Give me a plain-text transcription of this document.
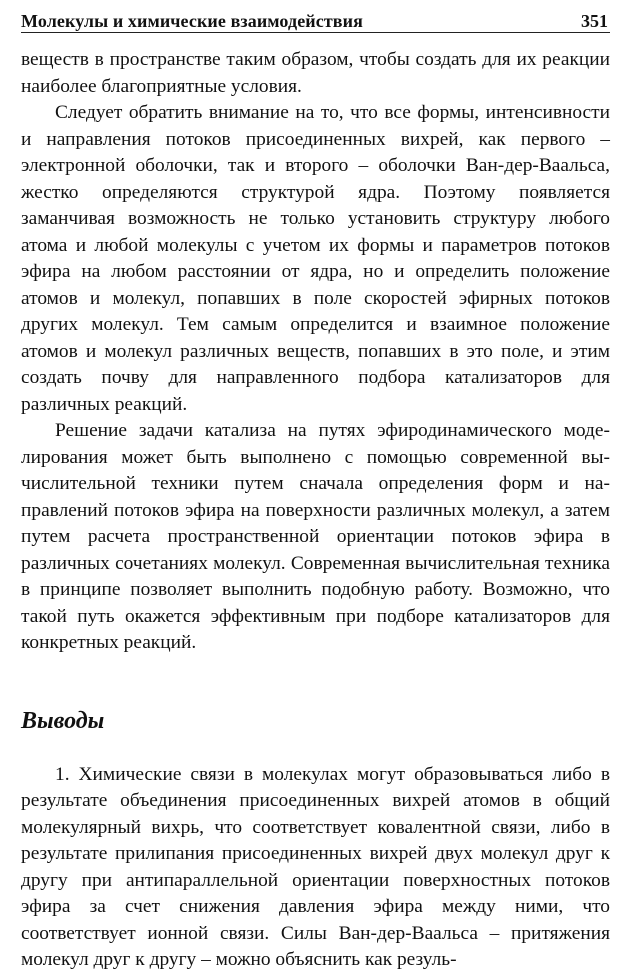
Молекулы и химические взаимодействия	351

веществ в пространстве таким образом, чтобы создать для их реакции наиболее благоприятные условия.

Следует обратить внимание на то, что все формы, интенсивности и направления потоков присоединенных вихрей, как первого – электронной оболочки, так и второго – оболочки Ван-дер-Ваальса, жестко определяются структурой ядра. Поэтому появляется заманчивая возможность не только установить структуру любого атома и любой молекулы с учетом их формы и параметров потоков эфира на любом расстоянии от ядра, но и определить положение атомов и молекул, попавших в поле скоростей эфирных потоков других молекул. Тем самым определится и взаимное положение атомов и молекул различных веществ, попавших в это поле, и этим создать почву для направленного подбора катализаторов для различных реакций.

Решение задачи катализа на путях эфиродинамического моделирования может быть выполнено с помощью современной вычислительной техники путем сначала определения форм и направлений потоков эфира на поверхности различных молекул, а затем путем расчета пространственной ориентации потоков эфира в различных сочетаниях молекул. Современная вычислительная техника в принципе позволяет выполнить подобную работу. Возможно, что такой путь окажется эффективным при подборе катализаторов для конкретных реакций.

Выводы

1. Химические связи в молекулах могут образовываться либо в результате объединения присоединенных вихрей атомов в общий молекулярный вихрь, что соответствует ковалентной связи, либо в результате прилипания присоединенных вихрей двух молекул друг к другу при антипараллельной ориентации поверхностных потоков эфира за счет снижения давления эфира между ними, что соответствует ионной связи. Силы Ван-дер-Ваальса – притяжения молекул друг к другу – можно объяснить как резуль-
